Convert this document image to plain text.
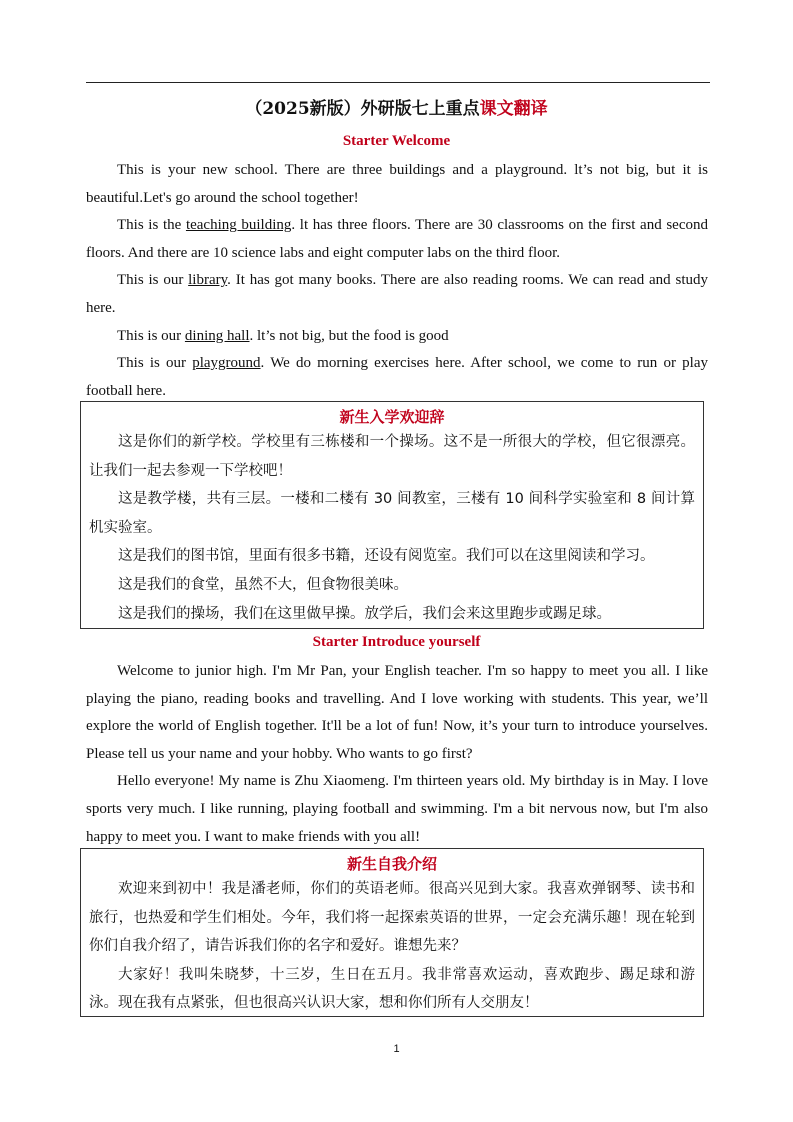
（2025新版）外研版七上重点课文翻译
Starter Welcome

This is your new school. There are three buildings and a playground. lt’s not big, but it is beautiful.Let's go around the school together!

This is the teaching building. lt has three floors. There are 30 classrooms on the first and second floors. And there are 10 science labs and eight computer labs on the third floor.

This is our library. It has got many books. There are also reading rooms. We can read and study here.

This is our dining hall. lt’s not big, but the food is good

This is our playground. We do morning exercises here. After school, we come to run or play football here.

新生入学欢迎辞

这是你们的新学校。学校里有三栋楼和一个操场。这不是一所很大的学校，但它很漂亮。让我们一起去参观一下学校吧！

这是教学楼，共有三层。一楼和二楼有 30 间教室，三楼有 10 间科学实验室和 8 间计算机实验室。

这是我们的图书馆，里面有很多书籍，还设有阅览室。我们可以在这里阅读和学习。

这是我们的食堂，虽然不大，但食物很美味。

这是我们的操场，我们在这里做早操。放学后，我们会来这里跑步或踢足球。

Starter Introduce yourself

Welcome to junior high. I'm Mr Pan, your English teacher. I'm so happy to meet you all. I like playing the piano, reading books and travelling. And I love working with students. This year, we’ll explore the world of English together. It'll be a lot of fun! Now, it’s your turn to introduce yourselves. Please tell us your name and your hobby. Who wants to go first?

Hello everyone! My name is Zhu Xiaomeng. I'm thirteen years old. My birthday is in May. I love sports very much. I like running, playing football and swimming. I'm a bit nervous now, but I'm also happy to meet you. I want to make friends with you all!

新生自我介绍

欢迎来到初中！我是潘老师，你们的英语老师。很高兴见到大家。我喜欢弹钢琴、读书和旅行，也热爱和学生们相处。今年，我们将一起探索英语的世界，一定会充满乐趣！现在轮到你们自我介绍了，请告诉我们你的名字和爱好。谁想先来？

大家好！我叫朱晓梦，十三岁，生日在五月。我非常喜欢运动，喜欢跑步、踢足球和游泳。现在我有点紧张，但也很高兴认识大家，想和你们所有人交朋友！

1
